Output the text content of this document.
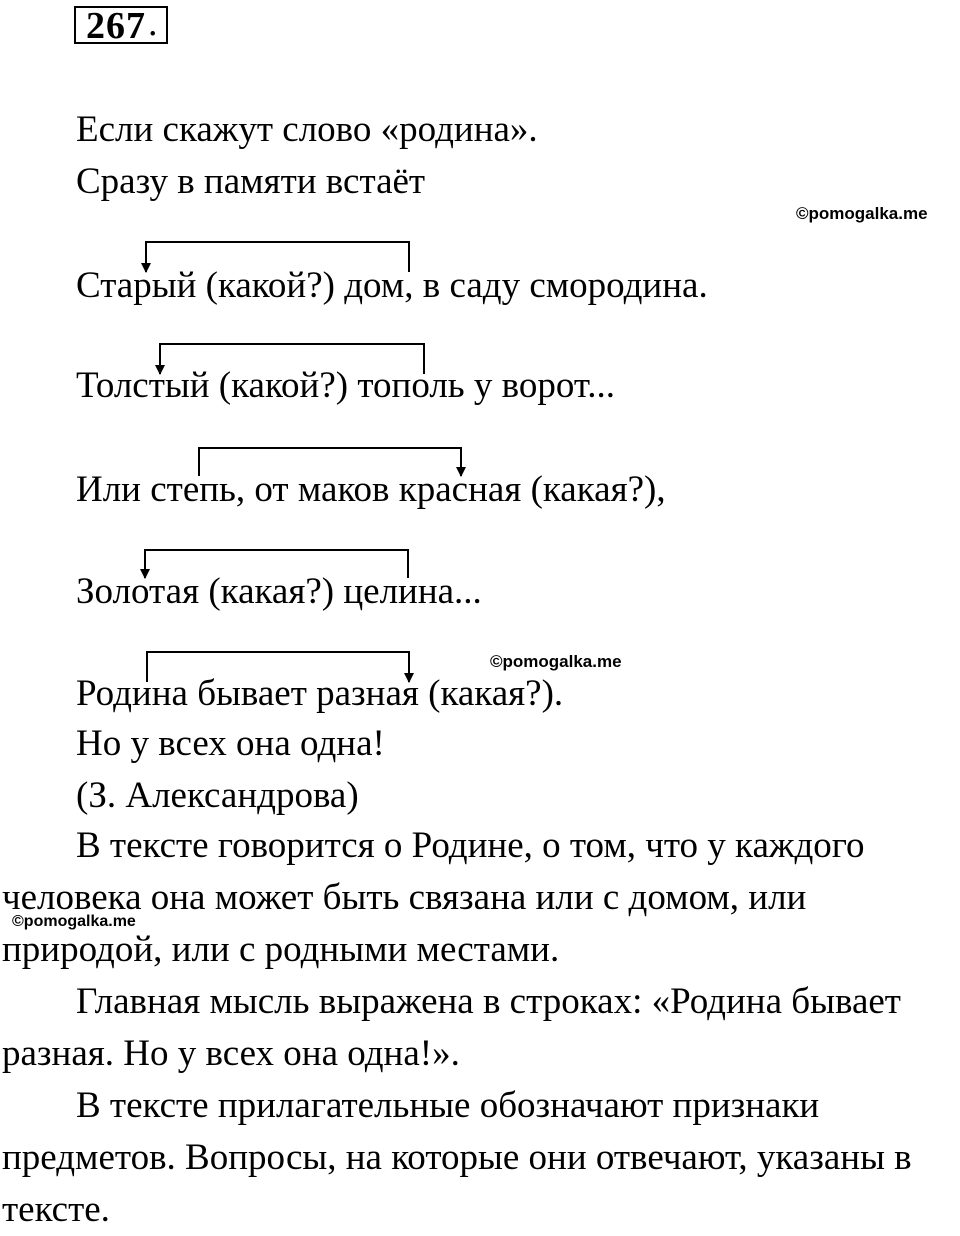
267 .
Если скажут слово «родина».
Сразу в памяти встаёт
Старый (какой?) дом, в саду смородина.
Толстый (какой?) тополь у ворот...
Или степь, от маков красная (какая?),
Золотая (какая?) целина...
Родина бывает разная (какая?).
Но у всех она одна!
(З. Александрова)
В тексте говорится о Родине, о том, что у каждого человека она может быть связана или с домом, или природой, или с родными местами.
Главная мысль выражена в строках: «Родина бывает разная. Но у всех она одна!».
В тексте прилагательные обозначают признаки предметов. Вопросы, на которые они отвечают, указаны в тексте.
©pomogalka.me
©pomogalka.me
©pomogalka.me
